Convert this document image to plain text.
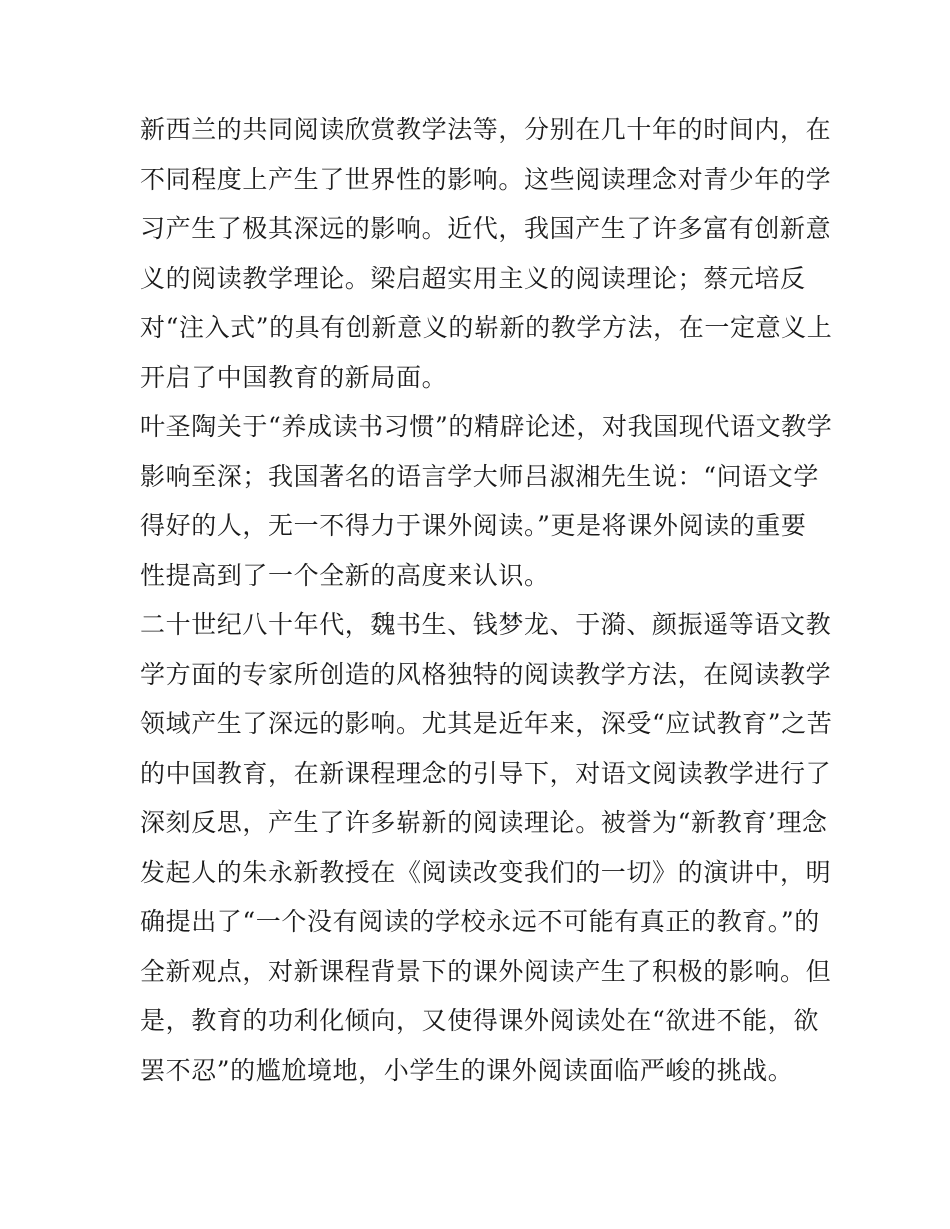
新西兰的共同阅读欣赏教学法等，分别在几十年的时间内，在
不同程度上产生了世界性的影响。这些阅读理念对青少年的学
习产生了极其深远的影响。近代，我国产生了许多富有创新意
义的阅读教学理论。梁启超实用主义的阅读理论；蔡元培反
对“注入式”的具有创新意义的崭新的教学方法，在一定意义上
开启了中国教育的新局面。
叶圣陶关于“养成读书习惯”的精辟论述，对我国现代语文教学
影响至深；我国著名的语言学大师吕淑湘先生说：“问语文学
得好的人，无一不得力于课外阅读。”更是将课外阅读的重要
性提高到了一个全新的高度来认识。
二十世纪八十年代，魏书生、钱梦龙、于漪、颜振遥等语文教
学方面的专家所创造的风格独特的阅读教学方法，在阅读教学
领域产生了深远的影响。尤其是近年来，深受“应试教育”之苦
的中国教育，在新课程理念的引导下，对语文阅读教学进行了
深刻反思，产生了许多崭新的阅读理论。被誉为“新教育’理念
发起人的朱永新教授在《阅读改变我们的一切》的演讲中，明
确提出了“一个没有阅读的学校永远不可能有真正的教育。”的
全新观点，对新课程背景下的课外阅读产生了积极的影响。但
是，教育的功利化倾向，又使得课外阅读处在“欲进不能，欲
罢不忍”的尴尬境地，小学生的课外阅读面临严峻的挑战。
